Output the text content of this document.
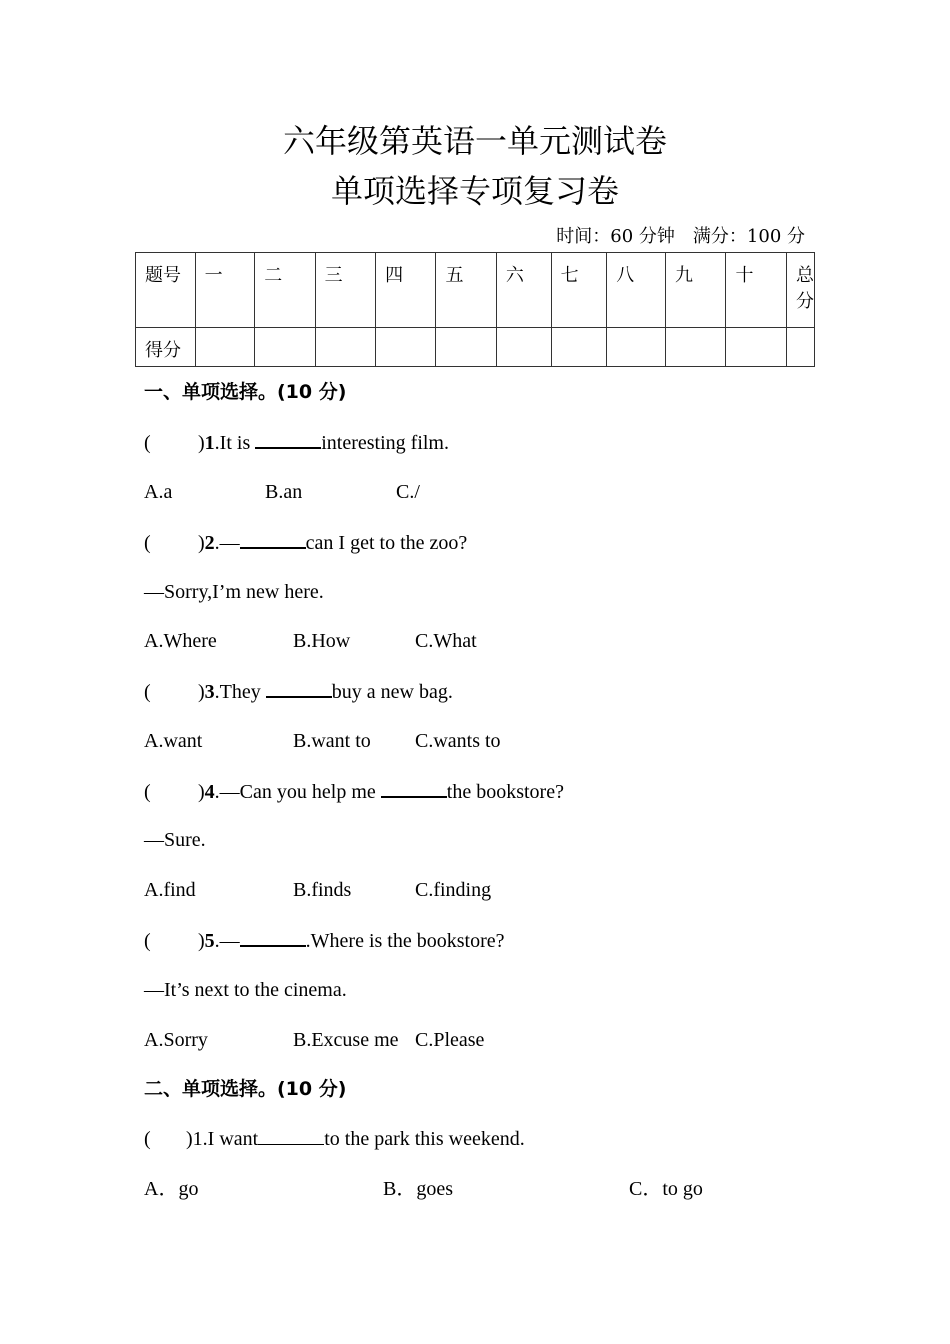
六年级第英语一单元测试卷
单项选择专项复习卷
时间：60 分钟 满分：100 分
题号	一	二	三	四	五	六	七	八	九	十	总分
得分											
一、单项选择。(10 分)
( )1.It is	interesting film.
A.a	B.an	C./
( )2.—	can I get to the zoo?
—Sorry,I’m new here.
A.Where	B.How	C.What
( )3.They	buy a new bag.
A.want	B.want to C.wants to
( )4.—Can you help me	the bookstore?
—Sure.
A.find	B.finds	C.finding
( )5.—	.Where is the bookstore?
—It’s next to the cinema.
A.Sorry	B.Excuse me C.Please
二、单项选择。(10 分)
( )1.I want	to the park this weekend.
A．go	B．goes	C．to go
